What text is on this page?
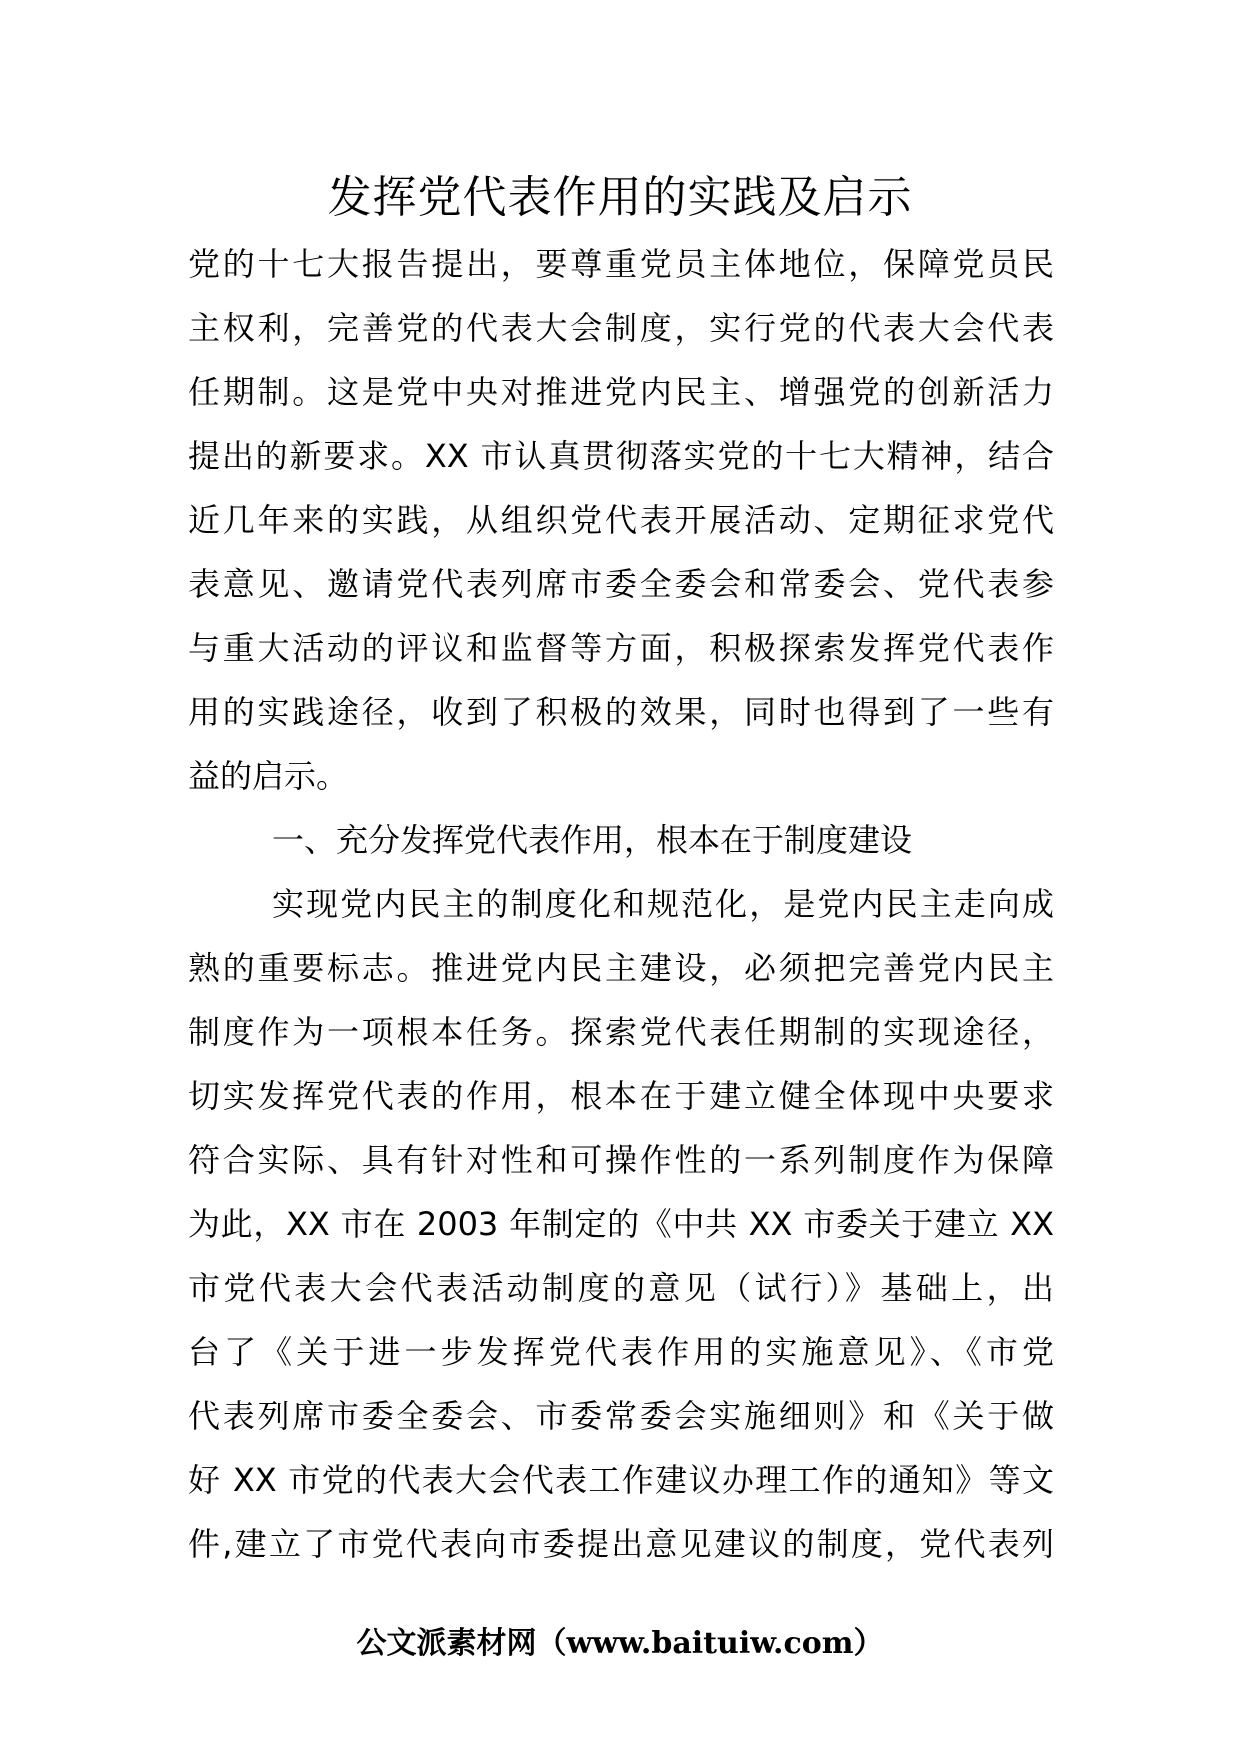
发挥党代表作用的实践及启示
党的十七大报告提出，要尊重党员主体地位，保障党员民
主权利，完善党的代表大会制度，实行党的代表大会代表
任期制。这是党中央对推进党内民主、增强党的创新活力
提出的新要求。XX 市认真贯彻落实党的十七大精神，结合
近几年来的实践，从组织党代表开展活动、定期征求党代
表意见、邀请党代表列席市委全委会和常委会、党代表参
与重大活动的评议和监督等方面，积极探索发挥党代表作
用的实践途径，收到了积极的效果，同时也得到了一些有
益的启示。
一、充分发挥党代表作用，根本在于制度建设
实现党内民主的制度化和规范化，是党内民主走向成
熟的重要标志。推进党内民主建设，必须把完善党内民主
制度作为一项根本任务。探索党代表任期制的实现途径，
切实发挥党代表的作用，根本在于建立健全体现中央要求
符合实际、具有针对性和可操作性的一系列制度作为保障
为此，XX 市在 2003 年制定的《中共 XX 市委关于建立 XX
市党代表大会代表活动制度的意见（试行）》基础上，出
台了《关于进一步发挥党代表作用的实施意见》、《市党
代表列席市委全委会、市委常委会实施细则》和《关于做
好 XX 市党的代表大会代表工作建议办理工作的通知》等文
件,建立了市党代表向市委提出意见建议的制度，党代表列
公文派素材网（www.baituiw.com）
